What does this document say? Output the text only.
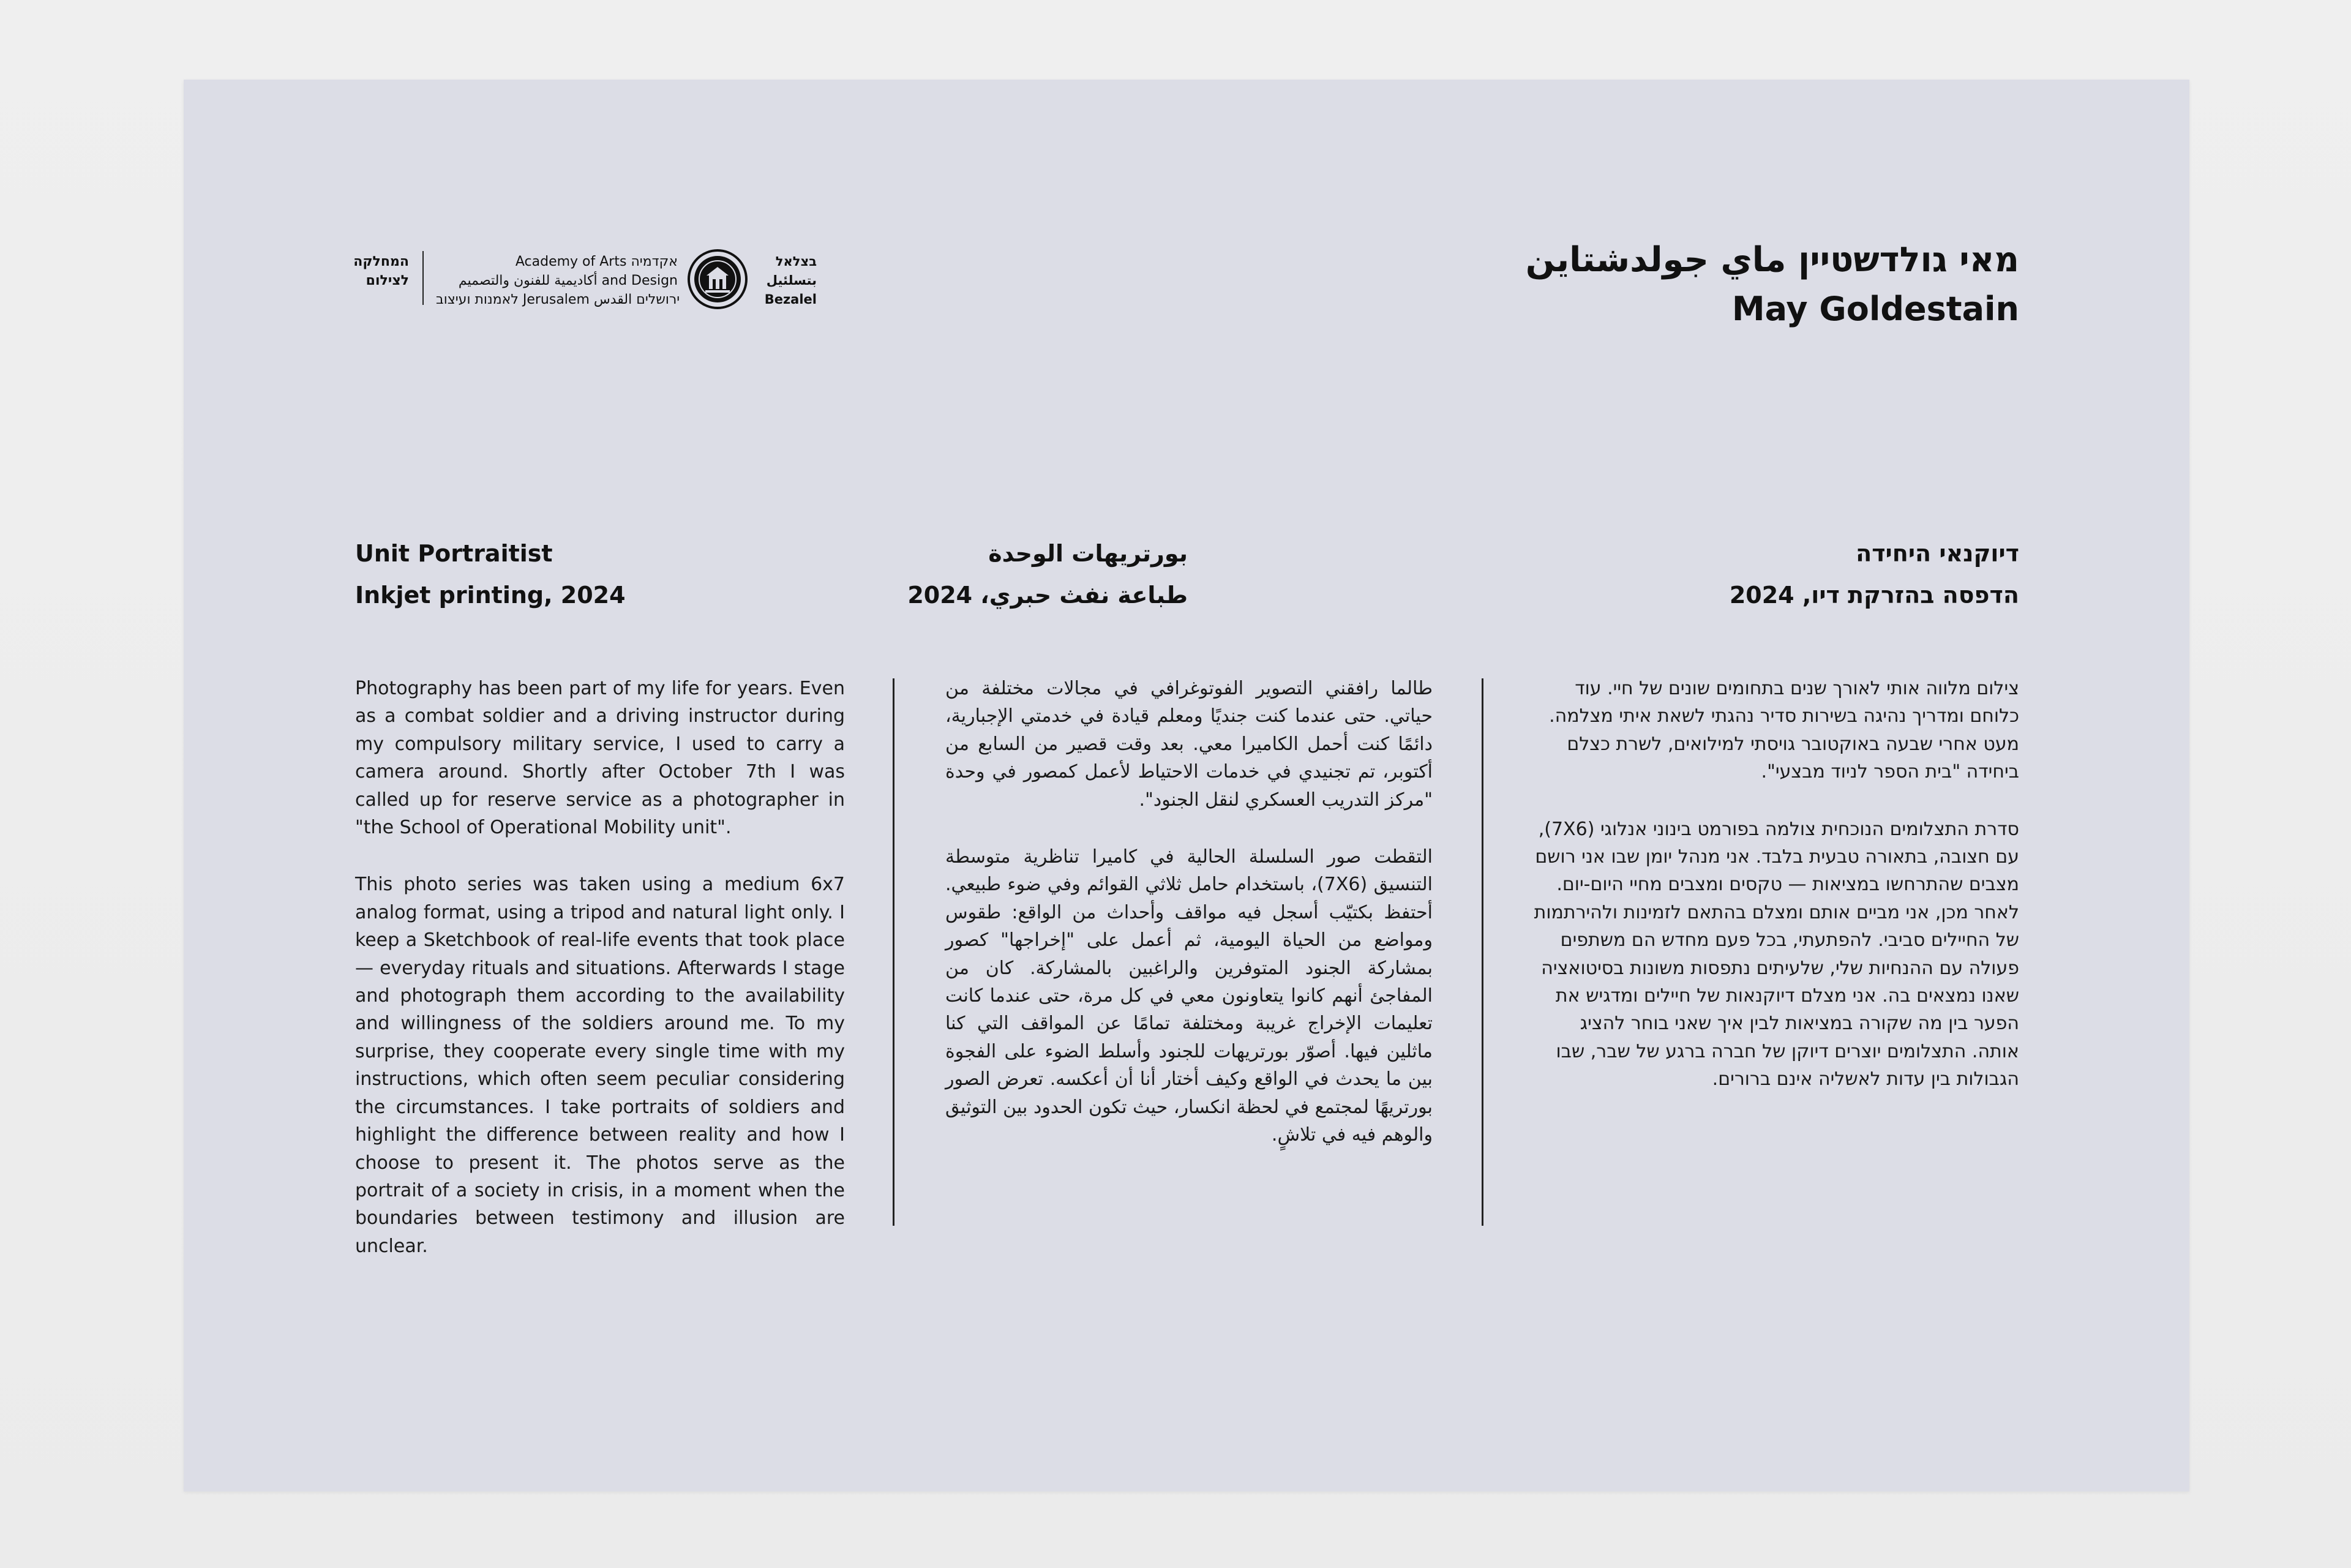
מאי גולדשטיין ماي جولدشتاين
May Goldestain
המחלקה
לצילום
Academy of Arts אקדמיה
أكاديمية للفنون والتصميم and Design
לאמנות ועיצוב Jerusalem ירושלים القدس
בצלאל
بتسلئيل
Bezalel
Unit Portraitist
Inkjet printing, 2024
بورتريهات الوحدة
طباعة نفث حبري، 2024
דיוקנאי היחידה
הדפסה בהזרקת דיו, 2024

Photography has been part of my life for years. Even as a combat soldier and a driving instructor during my compulsory military service, I used to carry a camera around. Shortly after October 7th I was called up for reserve service as a photographer in "the School of Operational Mobility unit".

This photo series was taken using a medium 6x7 analog format, using a tripod and natural light only. I keep a Sketchbook of real-life events that took place — everyday rituals and situations. Afterwards I stage and photograph them according to the availability and willingness of the soldiers around me. To my surprise, they cooperate every single time with my instructions, which often seem peculiar considering the circumstances. I take portraits of soldiers and highlight the difference between reality and how I choose to present it. The photos serve as the portrait of a society in crisis, in a moment when the boundaries between testimony and illusion are unclear.

طالما رافقني التصوير الفوتوغرافي في مجالات مختلفة من حياتي. حتى عندما كنت جنديًا ومعلم قيادة في خدمتي الإجبارية، دائمًا كنت أحمل الكاميرا معي. بعد وقت قصير من السابع من أكتوبر، تم تجنيدي في خدمات الاحتياط لأعمل كمصور في وحدة "مركز التدريب العسكري لنقل الجنود".

التقطت صور السلسلة الحالية في كاميرا تناظرية متوسطة التنسيق (7X6)، باستخدام حامل ثلاثي القوائم وفي ضوء طبيعي. أحتفظ بكتيّب أسجل فيه مواقف وأحداث من الواقع: طقوس ومواضع من الحياة اليومية، ثم أعمل على "إخراجها" كصور بمشاركة الجنود المتوفرين والراغبين بالمشاركة. كان من المفاجئ أنهم كانوا يتعاونون معي في كل مرة، حتى عندما كانت تعليمات الإخراج غريبة ومختلفة تمامًا عن المواقف التي كنا ماثلين فيها. أصوّر بورتريهات للجنود وأسلط الضوء على الفجوة بين ما يحدث في الواقع وكيف أختار أنا أن أعكسه. تعرض الصور بورتريهًا لمجتمع في لحظة انكسار، حيث تكون الحدود بين التوثيق والوهم فيه في تلاشٍ.

צילום מלווה אותי לאורך שנים בתחומים שונים של חיי. עוד כלוחם ומדריך נהיגה בשירות סדיר נהגתי לשאת איתי מצלמה. מעט אחרי שבעה באוקטובר גויסתי למילואים, לשרת כצלם ביחידה "בית הספר לניוד מבצעי".

סדרת התצלומים הנוכחית צולמה בפורמט בינוני אנלוגי (7X6), עם חצובה, בתאורה טבעית בלבד. אני מנהל יומן שבו אני רושם מצבים שהתרחשו במציאות — טקסים ומצבים מחיי היום-יום. לאחר מכן, אני מביים אותם ומצלם בהתאם לזמינות ולהירתמות של החיילים סביבי. להפתעתי, בכל פעם מחדש הם משתפים פעולה עם ההנחיות שלי, שלעיתים נתפסות משונות בסיטואציה שאנו נמצאים בה. אני מצלם דיוקנאות של חיילים ומדגיש את הפער בין מה שקורה במציאות לבין איך שאני בוחר להציג אותה. התצלומים יוצרים דיוקן של חברה ברגע של שבר, שבו הגבולות בין עדות לאשליה אינם ברורים.
